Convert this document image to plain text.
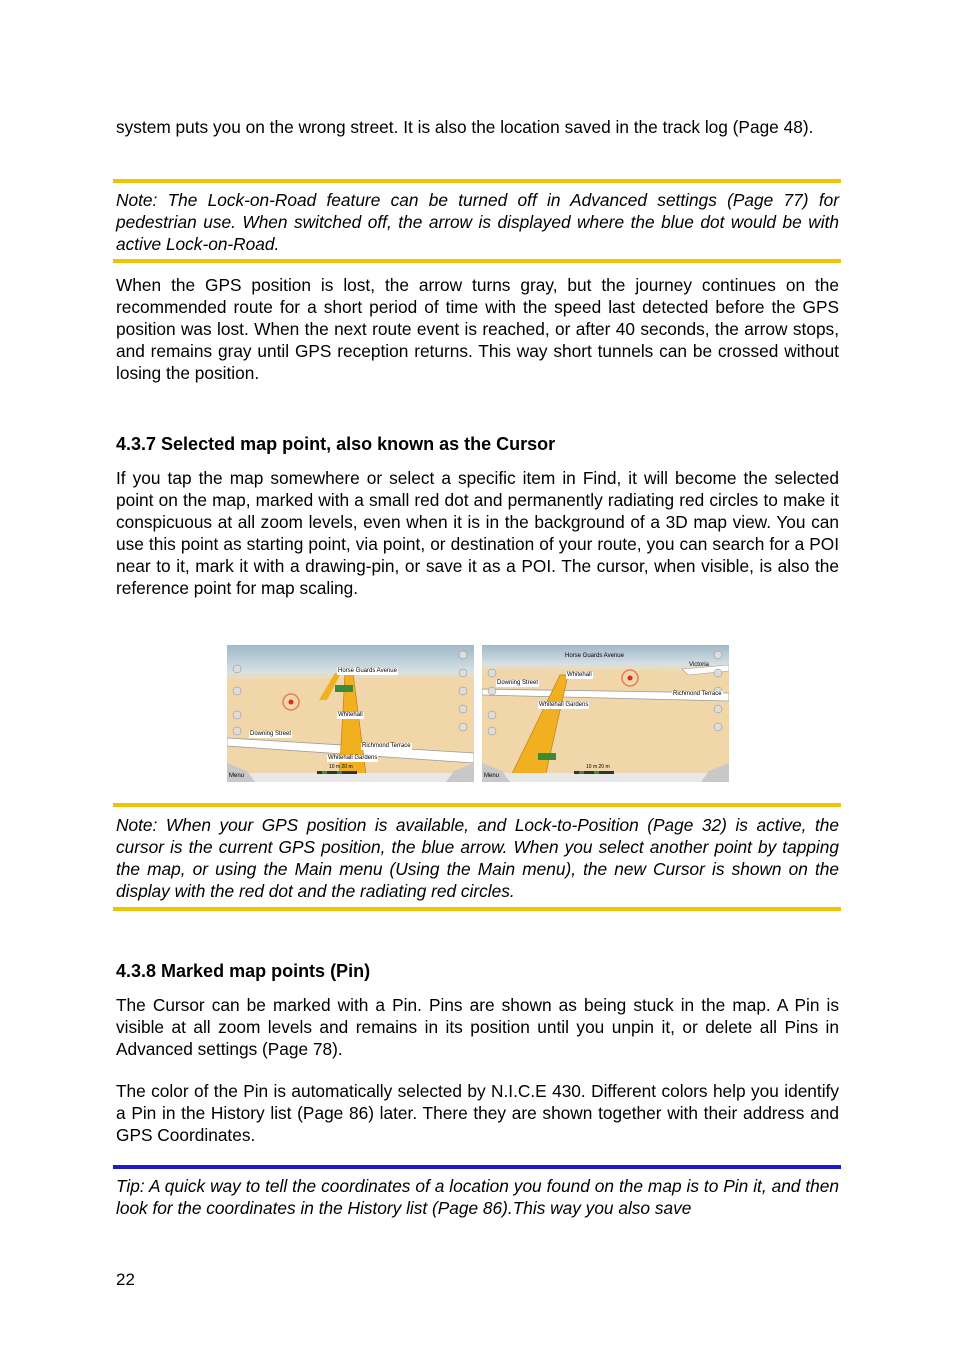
system puts you on the wrong street. It is also the location saved in the track log (Page 48).

Note: The Lock-on-Road feature can be turned off in Advanced settings (Page 77) for pedestrian use. When switched off, the arrow is displayed where the blue dot would be with active Lock-on-Road.

When the GPS position is lost, the arrow turns gray, but the journey continues on the recommended route for a short period of time with the speed last detected before the GPS position was lost. When the next route event is reached, or after 40 seconds, the arrow stops, and remains gray until GPS reception returns. This way short tunnels can be crossed without losing the position.

4.3.7 Selected map point, also known as the Cursor

If you tap the map somewhere or select a specific item in Find, it will become the selected point on the map, marked with a small red dot and permanently radiating red circles to make it conspicuous at all zoom levels, even when it is in the background of a 3D map view. You can use this point as starting point, via point, or destination of your route, you can search for a POI near to it, mark it with a drawing-pin, or save it as a POI. The cursor, when visible, is also the reference point for map scaling.

Horse Guards Avenue
Whitehall
Downing Street
Richmond Terrace
Whitehall Gardens
Menu
10 m 20 m
Horse Guards Avenue
Victoria
Downing Street
Whitehall
Richmond Terrace
Whitehall Gardens
Menu
10 m 20 m

Note: When your GPS position is available, and Lock-to-Position (Page 32) is active, the cursor is the current GPS position, the blue arrow. When you select another point by tapping the map, or using the Main menu (Using the Main menu), the new Cursor is shown on the display with the red dot and the radiating red circles.

4.3.8 Marked map points (Pin)

The Cursor can be marked with a Pin. Pins are shown as being stuck in the map. A Pin is visible at all zoom levels and remains in its position until you unpin it, or delete all Pins in Advanced settings (Page 78).

The color of the Pin is automatically selected by N.I.C.E 430. Different colors help you identify a Pin in the History list (Page 86) later. There they are shown together with their address and GPS Coordinates.

Tip: A quick way to tell the coordinates of a location you found on the map is to Pin it, and then look for the coordinates in the History list (Page 86).This way you also save

22
